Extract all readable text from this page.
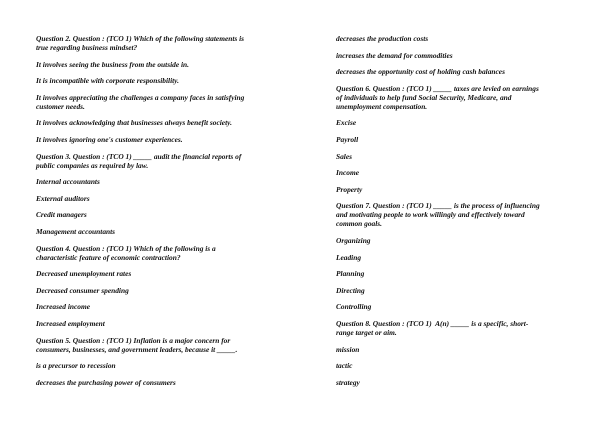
Question 2. Question : (TCO 1) Which of the following statements is
true regarding business mindset?

It involves seeing the business from the outside in.

It is incompatible with corporate responsibility.

It involves appreciating the challenges a company faces in satisfying
customer needs.

It involves acknowledging that businesses always benefit society.

It involves ignoring one's customer experiences.

Question 3. Question : (TCO 1) _____ audit the financial reports of
public companies as required by law.

Internal accountants

External auditors

Credit managers

Management accountants

Question 4. Question : (TCO 1) Which of the following is a
characteristic feature of economic contraction?

Decreased unemployment rates

Decreased consumer spending

Increased income

Increased employment

Question 5. Question : (TCO 1) Inflation is a major concern for
consumers, businesses, and government leaders, because it _____.

is a precursor to recession

decreases the purchasing power of consumers

decreases the production costs

increases the demand for commodities

decreases the opportunity cost of holding cash balances

Question 6. Question : (TCO 1) _____ taxes are levied on earnings
of individuals to help fund Social Security, Medicare, and
unemployment compensation.

Excise

Payroll

Sales

Income

Property

Question 7. Question : (TCO 1) _____ is the process of influencing
and motivating people to work willingly and effectively toward
common goals.

Organizing

Leading

Planning

Directing

Controlling

Question 8. Question : (TCO 1)  A(n) _____ is a specific, short-
range target or aim.

mission

tactic

strategy
